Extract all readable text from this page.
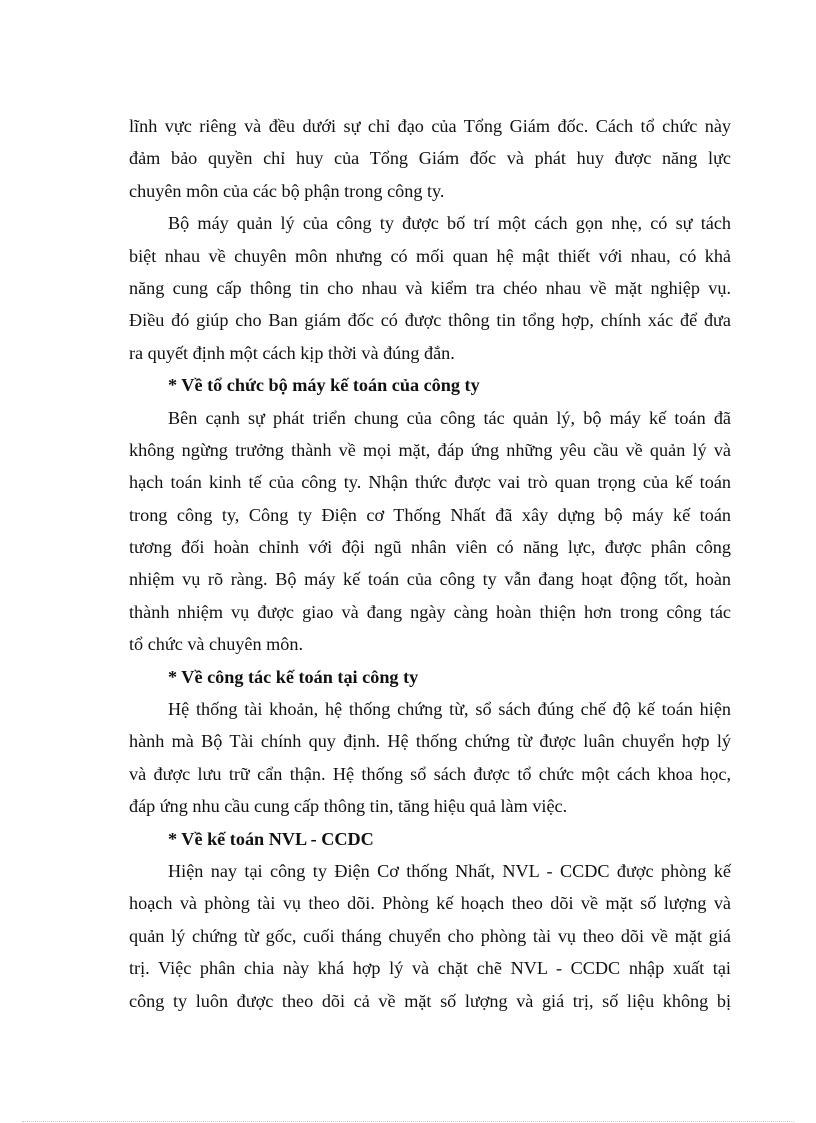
lĩnh vực riêng và đều dưới sự chỉ đạo của Tổng Giám đốc. Cách tổ chức này
đảm bảo quyền chỉ huy của Tổng Giám đốc và phát huy được năng lực
chuyên môn của các bộ phận trong công ty.
Bộ máy quản lý của công ty được bố trí một cách gọn nhẹ, có sự tách
biệt nhau về chuyên môn nhưng có mối quan hệ mật thiết với nhau, có khả
năng cung cấp thông tin cho nhau và kiểm tra chéo nhau về mặt nghiệp vụ.
Điều đó giúp cho Ban giám đốc có được thông tin tổng hợp, chính xác để đưa
ra quyết định một cách kịp thời và đúng đắn.
* Về tổ chức bộ máy kế toán của công ty
Bên cạnh sự phát triển chung của công tác quản lý, bộ máy kế toán đã
không ngừng trưởng thành về mọi mặt, đáp ứng những yêu cầu về quản lý và
hạch toán kinh tế của công ty. Nhận thức được vai trò quan trọng của kế toán
trong công ty, Công ty Điện cơ Thống Nhất đã xây dựng bộ máy kế toán
tương đối hoàn chỉnh với đội ngũ nhân viên có năng lực, được phân công
nhiệm vụ rõ ràng. Bộ máy kế toán của công ty vẫn đang hoạt động tốt, hoàn
thành nhiệm vụ được giao và đang ngày càng hoàn thiện hơn trong công tác
tổ chức và chuyên môn.
* Về công tác kế toán tại công ty
Hệ thống tài khoản, hệ thống chứng từ, sổ sách đúng chế độ kế toán hiện
hành mà Bộ Tài chính quy định. Hệ thống chứng từ được luân chuyển hợp lý
và được lưu trữ cẩn thận. Hệ thống sổ sách được tổ chức một cách khoa học,
đáp ứng nhu cầu cung cấp thông tin, tăng hiệu quả làm việc.
* Về kế toán NVL - CCDC
Hiện nay tại công ty Điện Cơ thống Nhất, NVL - CCDC được phòng kế
hoạch và phòng tài vụ theo dõi. Phòng kế hoạch theo dõi về mặt số lượng và
quản lý chứng từ gốc, cuối tháng chuyển cho phòng tài vụ theo dõi về mặt giá
trị. Việc phân chia này khá hợp lý và chặt chẽ NVL - CCDC nhập xuất tại
công ty luôn được theo dõi cả về mặt số lượng và giá trị, số liệu không bị
